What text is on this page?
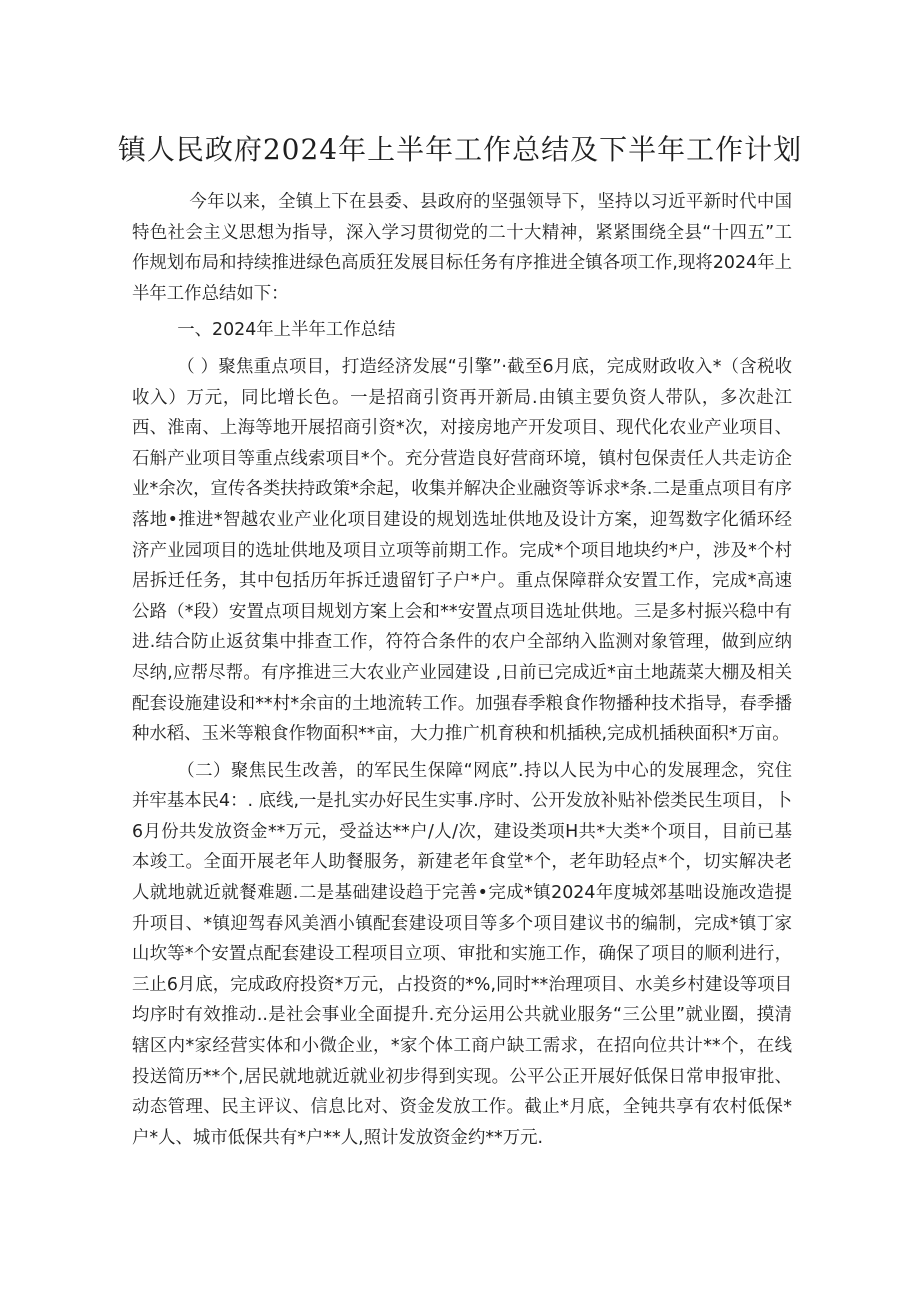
镇人民政府2024年上半年工作总结及下半年工作计划

今年以来，全镇上下在县委、县政府的坚强领导下，坚持以习近平新时代中国特色社会主义思想为指导，深入学习贯彻党的二十大精神，紧紧围绕全县“十四五”工作规划布局和持续推进绿色高质狂发展目标任务有序推进全镇各项工作,现将2024年上半年工作总结如下：

一、2024年上半年工作总结

（ ）聚焦重点项目，打造经济发展“引擎”·截至6月底，完成财政收入*（含税收收入）万元，同比增长色。一是招商引资再开新局.由镇主要负资人带队，多次赴江西、淮南、上海等地开展招商引资*次，对接房地产开发项目、现代化农业产业项目、石斛产业项目等重点线索项目*个。充分营造良好营商环境，镇村包保责任人共走访企业*余次，宣传各类扶持政策*余起，收集并解决企业融资等诉求*条.二是重点项目有序落地•推进*智越农业产业化项目建设的规划选址供地及设计方案，迎驾数字化循环经济产业园项目的选址供地及项目立项等前期工作。完成*个项目地块约*户，涉及*个村居拆迁任务，其中包括历年拆迁遗留钉子户*户。重点保障群众安置工作，完成*高速公路（*段）安置点项目规划方案上会和**安置点项目选址供地。三是多村振兴稳中有进.结合防止返贫集中排查工作，符符合条件的农户全部纳入监测对象管理，做到应纳尽纳,应帮尽帮。有序推进三大农业产业园建设 ,日前已完成近*亩土地蔬菜大棚及相关配套设施建设和**村*余亩的土地流转工作。加强春季粮食作物播种技术指导，春季播种水稻、玉米等粮食作物面积**亩，大力推广机育秧和机插秧,完成机插秧面积*万亩。

（二）聚焦民生改善，的军民生保障“网底”.持以人民为中心的发展理念，究住并牢基本民4：. 底线,一是扎实办好民生实事.序时、公开发放补贴补偿类民生项目，卜6月份共发放资金**万元，受益达**户/人/次，建设类项H共*大类*个项目，目前已基本竣工。全面开展老年人助餐服务，新建老年食堂*个，老年助轻点*个，切实解决老人就地就近就餐难题.二是基础建设趋于完善•完成*镇2024年度城郊基咄设施改造提升项目、*镇迎驾春风美酒小镇配套建设项目等多个项目建议书的编制，完成*镇丁家山坎等*个安置点配套建设工程项目立项、审批和实施工作，确保了项目的顺利进行，三止6月底，完成政府投资*万元，占投资的*%,同时**治理项目、水美乡村建设等项目均序时有效推动..是社会事业全面提升.充分运用公共就业服务“三公里”就业圈，摸清辖区内*家经营实体和小微企业，*家个体工商户缺工需求，在招向位共计**个，在线投送简历**个,居民就地就近就业初步得到实现。公平公正开展好低保日常申报审批、动态管理、民主评议、信息比对、资金发放工作。截止*月底，全钝共享有农村低保*户*人、城市低保共有*户**人,照计发放资金约**万元.
